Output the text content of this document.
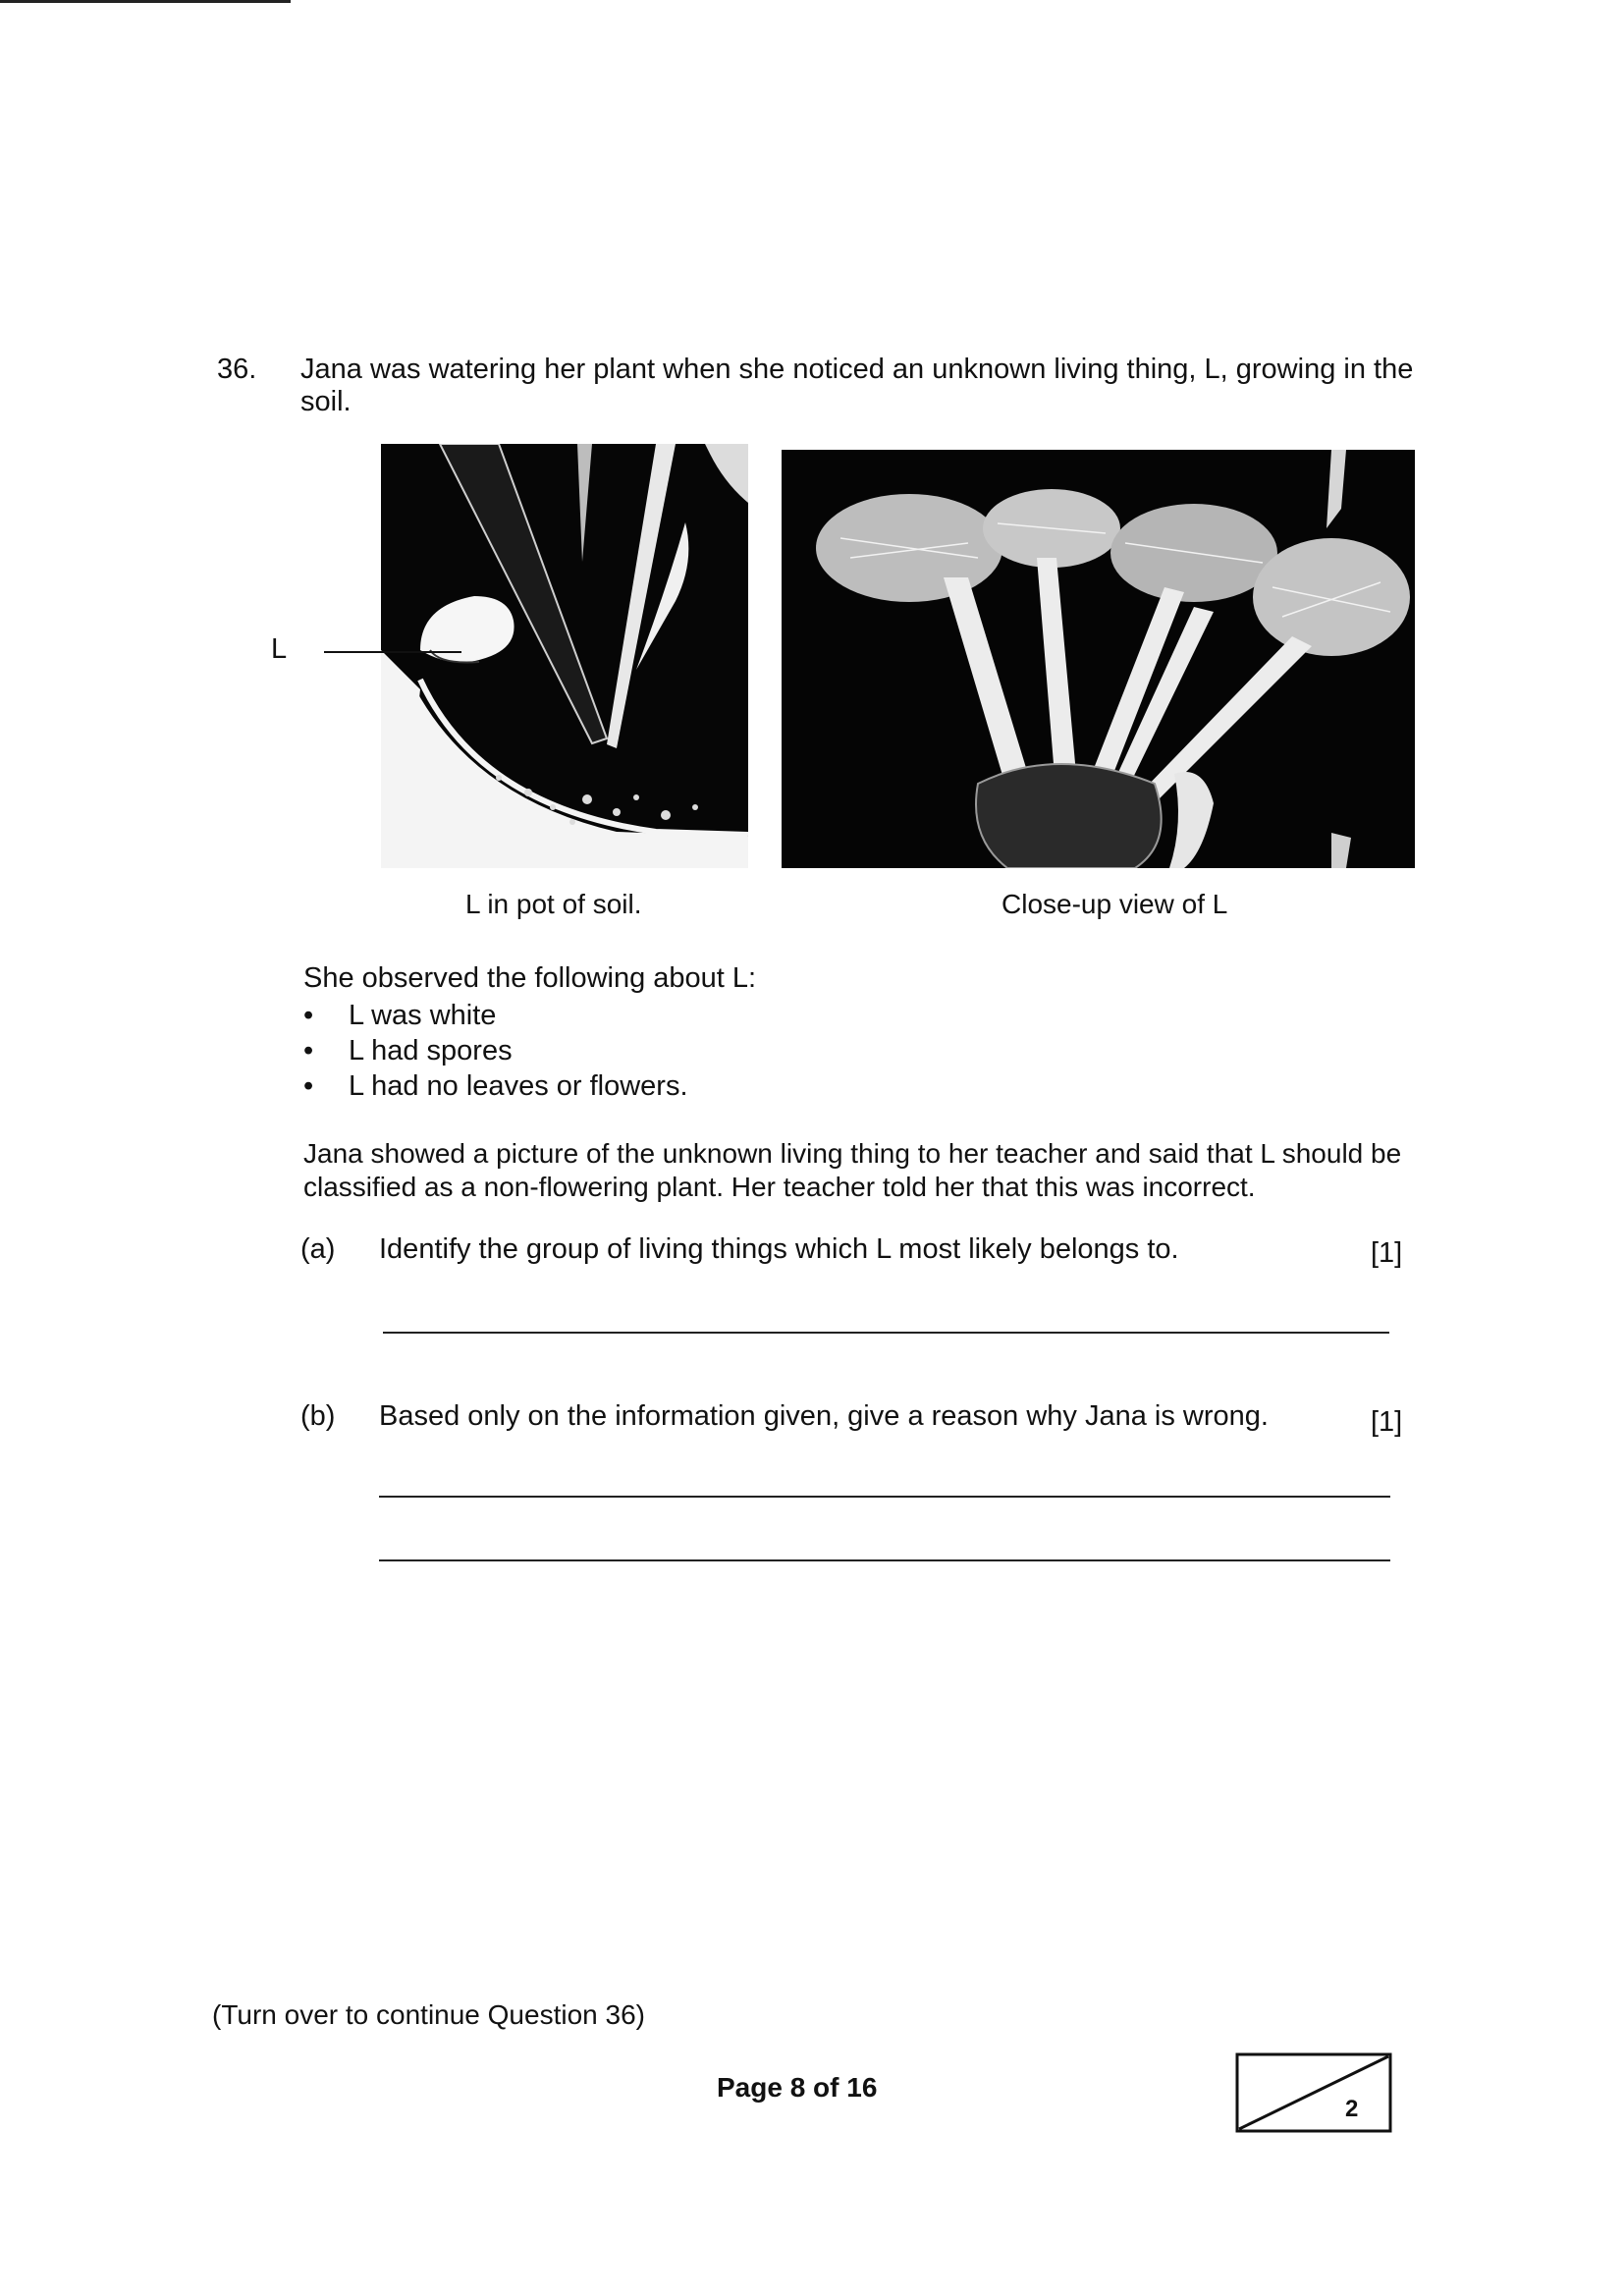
36. Jana was watering her plant when she noticed an unknown living thing, L, growing in the soil.
L
L in pot of soil.	Close-up view of L
She observed the following about L:
• L was white
• L had spores
• L had no leaves or flowers.
Jana showed a picture of the unknown living thing to her teacher and said that L should be classified as a non-flowering plant. Her teacher told her that this was incorrect.
(a) Identify the group of living things which L most likely belongs to.	[1]
(b) Based only on the information given, give a reason why Jana is wrong.	[1]
(Turn over to continue Question 36)
Page 8 of 16
2
